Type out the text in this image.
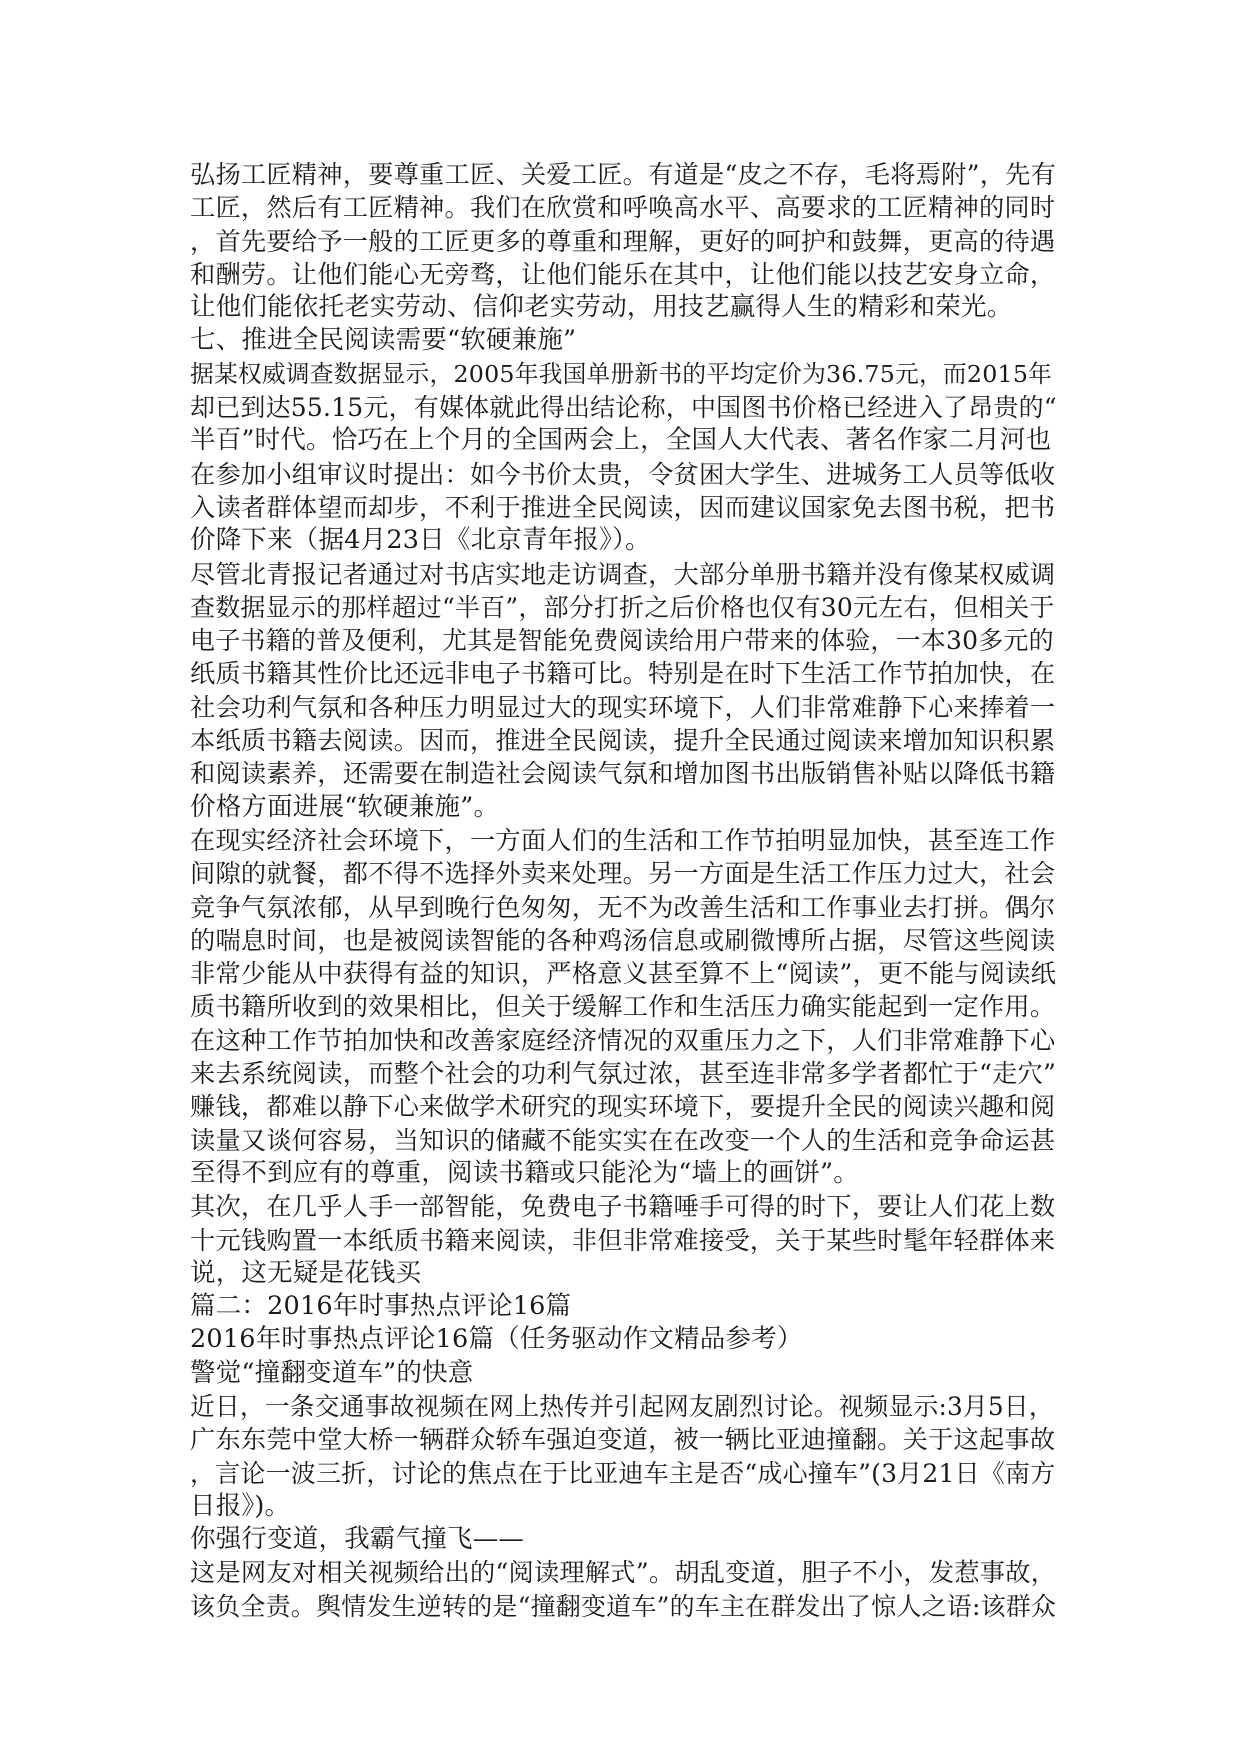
弘扬工匠精神，要尊重工匠、关爱工匠。有道是“皮之不存，毛将焉附”，先有

工匠，然后有工匠精神。我们在欣赏和呼唤高水平、高要求的工匠精神的同时

，首先要给予一般的工匠更多的尊重和理解，更好的呵护和鼓舞，更高的待遇

和酬劳。让他们能心无旁骛，让他们能乐在其中，让他们能以技艺安身立命，

让他们能依托老实劳动、信仰老实劳动，用技艺赢得人生的精彩和荣光。

七、推进全民阅读需要“软硬兼施”

据某权威调查数据显示，2005年我国单册新书的平均定价为36.75元，而2015年

却已到达55.15元，有媒体就此得出结论称，中国图书价格已经进入了昂贵的“

半百”时代。恰巧在上个月的全国两会上，全国人大代表、著名作家二月河也

在参加小组审议时提出：如今书价太贵，令贫困大学生、进城务工人员等低收

入读者群体望而却步，不利于推进全民阅读，因而建议国家免去图书税，把书

价降下来（据4月23日《北京青年报》）。

尽管北青报记者通过对书店实地走访调查，大部分单册书籍并没有像某权威调

查数据显示的那样超过“半百”，部分打折之后价格也仅有30元左右，但相关于

电子书籍的普及便利，尤其是智能免费阅读给用户带来的体验，一本30多元的

纸质书籍其性价比还远非电子书籍可比。特别是在时下生活工作节拍加快，在

社会功利气氛和各种压力明显过大的现实环境下，人们非常难静下心来捧着一

本纸质书籍去阅读。因而，推进全民阅读，提升全民通过阅读来增加知识积累

和阅读素养，还需要在制造社会阅读气氛和增加图书出版销售补贴以降低书籍

价格方面进展“软硬兼施”。

在现实经济社会环境下，一方面人们的生活和工作节拍明显加快，甚至连工作

间隙的就餐，都不得不选择外卖来处理。另一方面是生活工作压力过大，社会

竞争气氛浓郁，从早到晚行色匆匆，无不为改善生活和工作事业去打拼。偶尔

的喘息时间，也是被阅读智能的各种鸡汤信息或刷微博所占据，尽管这些阅读

非常少能从中获得有益的知识，严格意义甚至算不上“阅读”，更不能与阅读纸

质书籍所收到的效果相比，但关于缓解工作和生活压力确实能起到一定作用。

在这种工作节拍加快和改善家庭经济情况的双重压力之下，人们非常难静下心

来去系统阅读，而整个社会的功利气氛过浓，甚至连非常多学者都忙于“走穴”

赚钱，都难以静下心来做学术研究的现实环境下，要提升全民的阅读兴趣和阅

读量又谈何容易，当知识的储藏不能实实在在改变一个人的生活和竞争命运甚

至得不到应有的尊重，阅读书籍或只能沦为“墙上的画饼”。

其次，在几乎人手一部智能，免费电子书籍唾手可得的时下，要让人们花上数

十元钱购置一本纸质书籍来阅读，非但非常难接受，关于某些时髦年轻群体来

说，这无疑是花钱买

篇二：2016年时事热点评论16篇

2016年时事热点评论16篇（任务驱动作文精品参考）

警觉“撞翻变道车”的快意

近日，一条交通事故视频在网上热传并引起网友剧烈讨论。视频显示:3月5日，

广东东莞中堂大桥一辆群众轿车强迫变道，被一辆比亚迪撞翻。关于这起事故

，言论一波三折，讨论的焦点在于比亚迪车主是否“成心撞车”(3月21日《南方

日报》)。

你强行变道，我霸气撞飞——

这是网友对相关视频给出的“阅读理解式”。胡乱变道，胆子不小，发惹事故，

该负全责。舆情发生逆转的是“撞翻变道车”的车主在群发出了惊人之语:该群众
